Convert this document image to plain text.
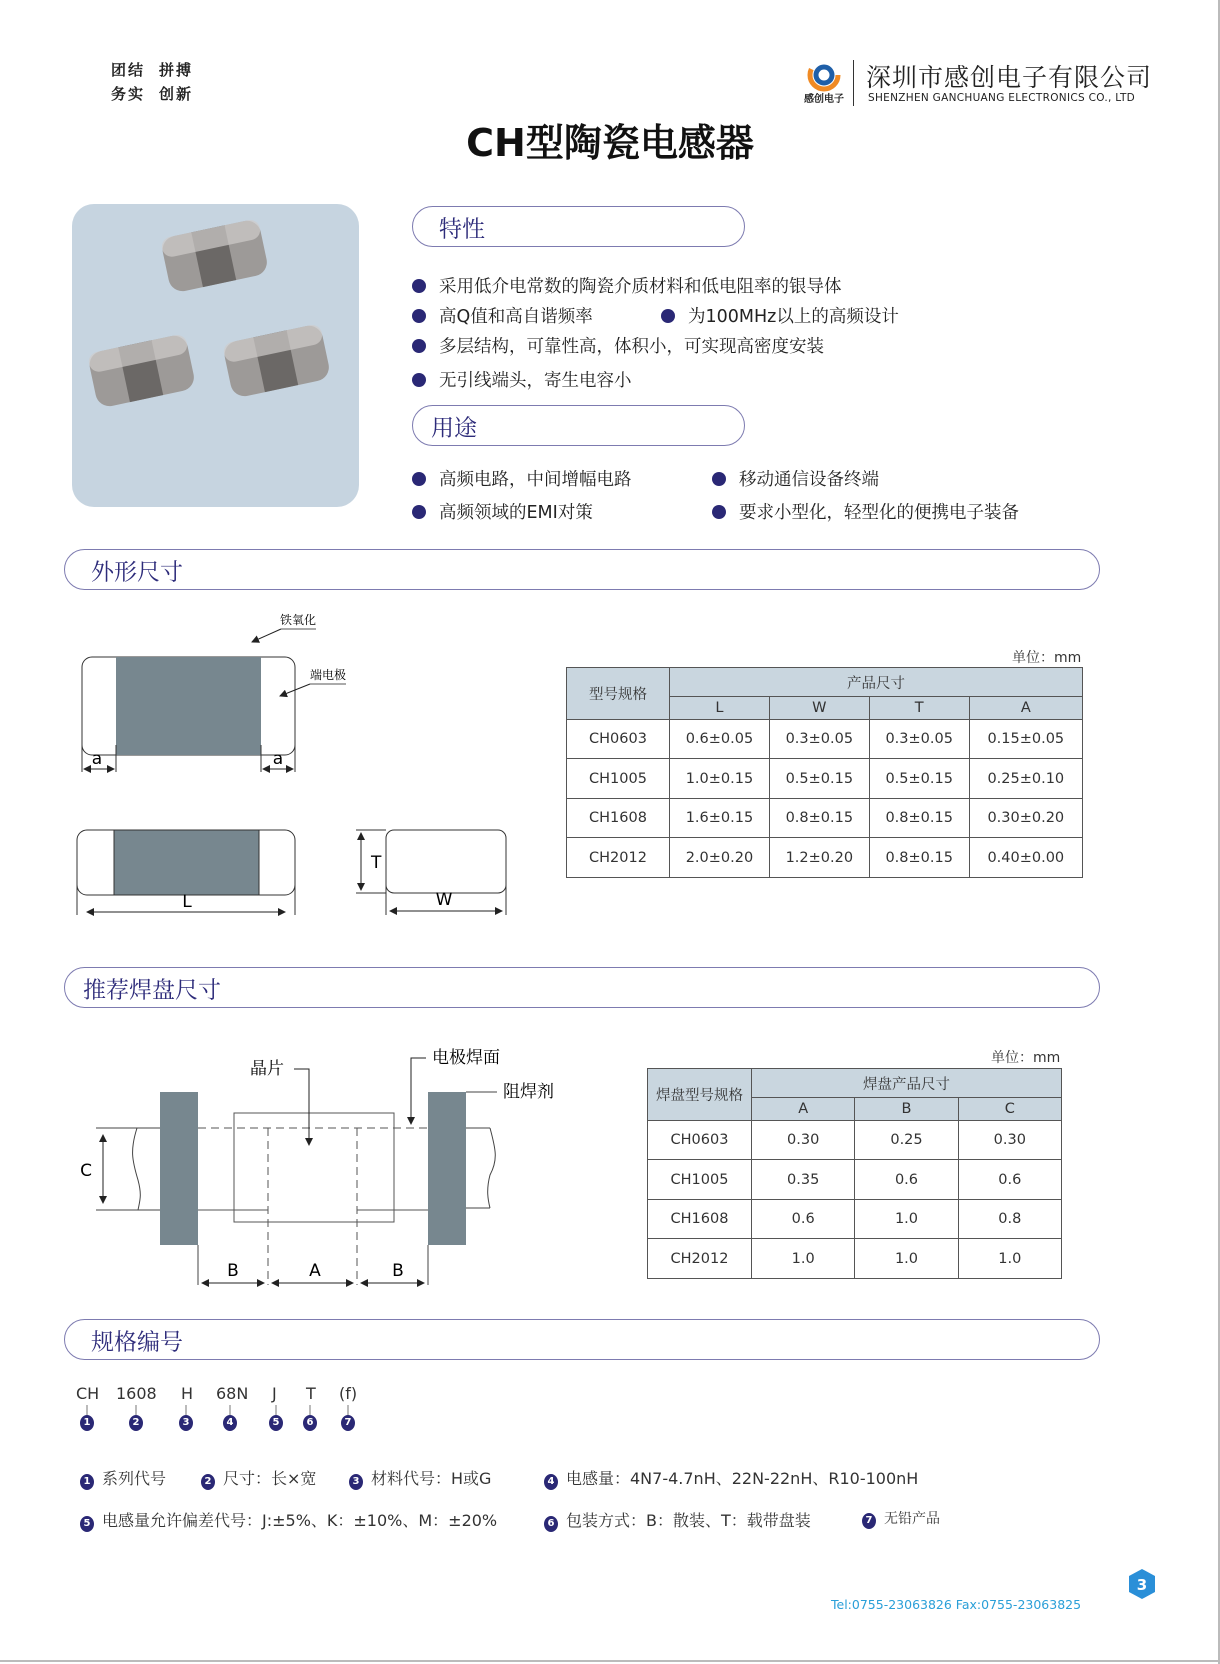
团结 拼搏
务实 创新	感创电子
深圳市感创电子有限公司
SHENZHEN GANCHUANG ELECTRONICS CO., LTD
CH型陶瓷电感器
特性
采用低介电常数的陶瓷介质材料和低电阻率的银导体
高Q值和高自谐频率	为100MHz以上的高频设计
多层结构，可靠性高，体积小，可实现高密度安装
无引线端头，寄生电容小
用途
高频电路，中间增幅电路	移动通信设备终端
高频领域的EMI对策	要求小型化，轻型化的便携电子装备
外形尺寸
a	a
铁氧化
端电极
L
T
W
单位：mm
型号规格	产品尺寸			
	L	W	T	A
CH0603	0.6±0.05	0.3±0.05	0.3±0.05	0.15±0.05
CH1005	1.0±0.15	0.5±0.15	0.5±0.15	0.25±0.10
CH1608	1.6±0.15	0.8±0.15	0.8±0.15	0.30±0.20
CH2012	2.0±0.20	1.2±0.20	0.8±0.15	0.40±0.00
推荐焊盘尺寸
C
B	A	B
晶片
电极焊面
阻焊剂
单位：mm
焊盘型号规格	焊盘产品尺寸		
	A	B	C
CH0603	0.30	0.25	0.30
CH1005	0.35	0.6	0.6
CH1608	0.6	1.0	0.8
CH2012	1.0	1.0	1.0
规格编号
CH 1608 H 68N J T (f)
1	2	3	4	5	6	7
1 系列代号	2 尺寸：长×宽	3 材料代号：H或G	4 电感量：4N7-4.7nH、22N-22nH、R10-100nH
5 电感量允许偏差代号：J:±5%、K：±10%、M：±20%	6 包装方式：B：散装、T：载带盘装	7 无铅产品
3
Tel:0755-23063826 Fax:0755-23063825
